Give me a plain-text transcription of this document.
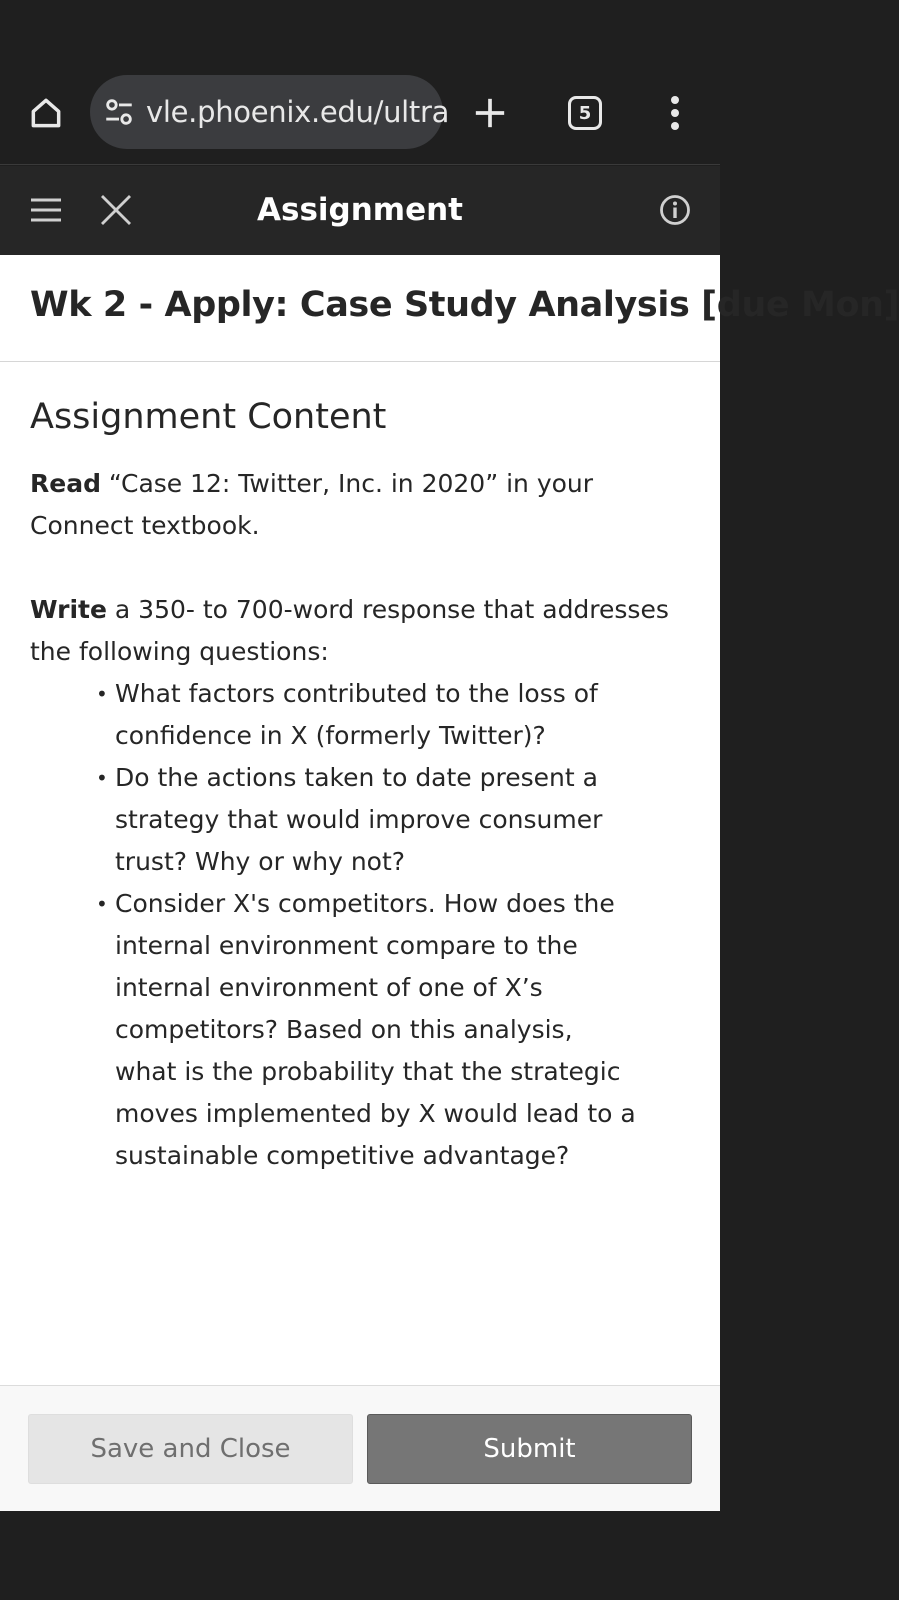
vle.phoenix.edu/ultra	5
Assignment
Wk 2 - Apply: Case Study Analysis [due Mon]
Assignment Content

Read “Case 12: Twitter, Inc. in 2020” in your Connect textbook.

Write a 350- to 700-word response that addresses the following questions:

• What factors contributed to the loss of confidence in X (formerly Twitter)?
• Do the actions taken to date present a strategy that would improve consumer trust? Why or why not?
• Consider X's competitors. How does the internal environment compare to the internal environment of one of X’s competitors? Based on this analysis, what is the probability that the strategic moves implemented by X would lead to a sustainable competitive advantage?
Save and Close	Submit
